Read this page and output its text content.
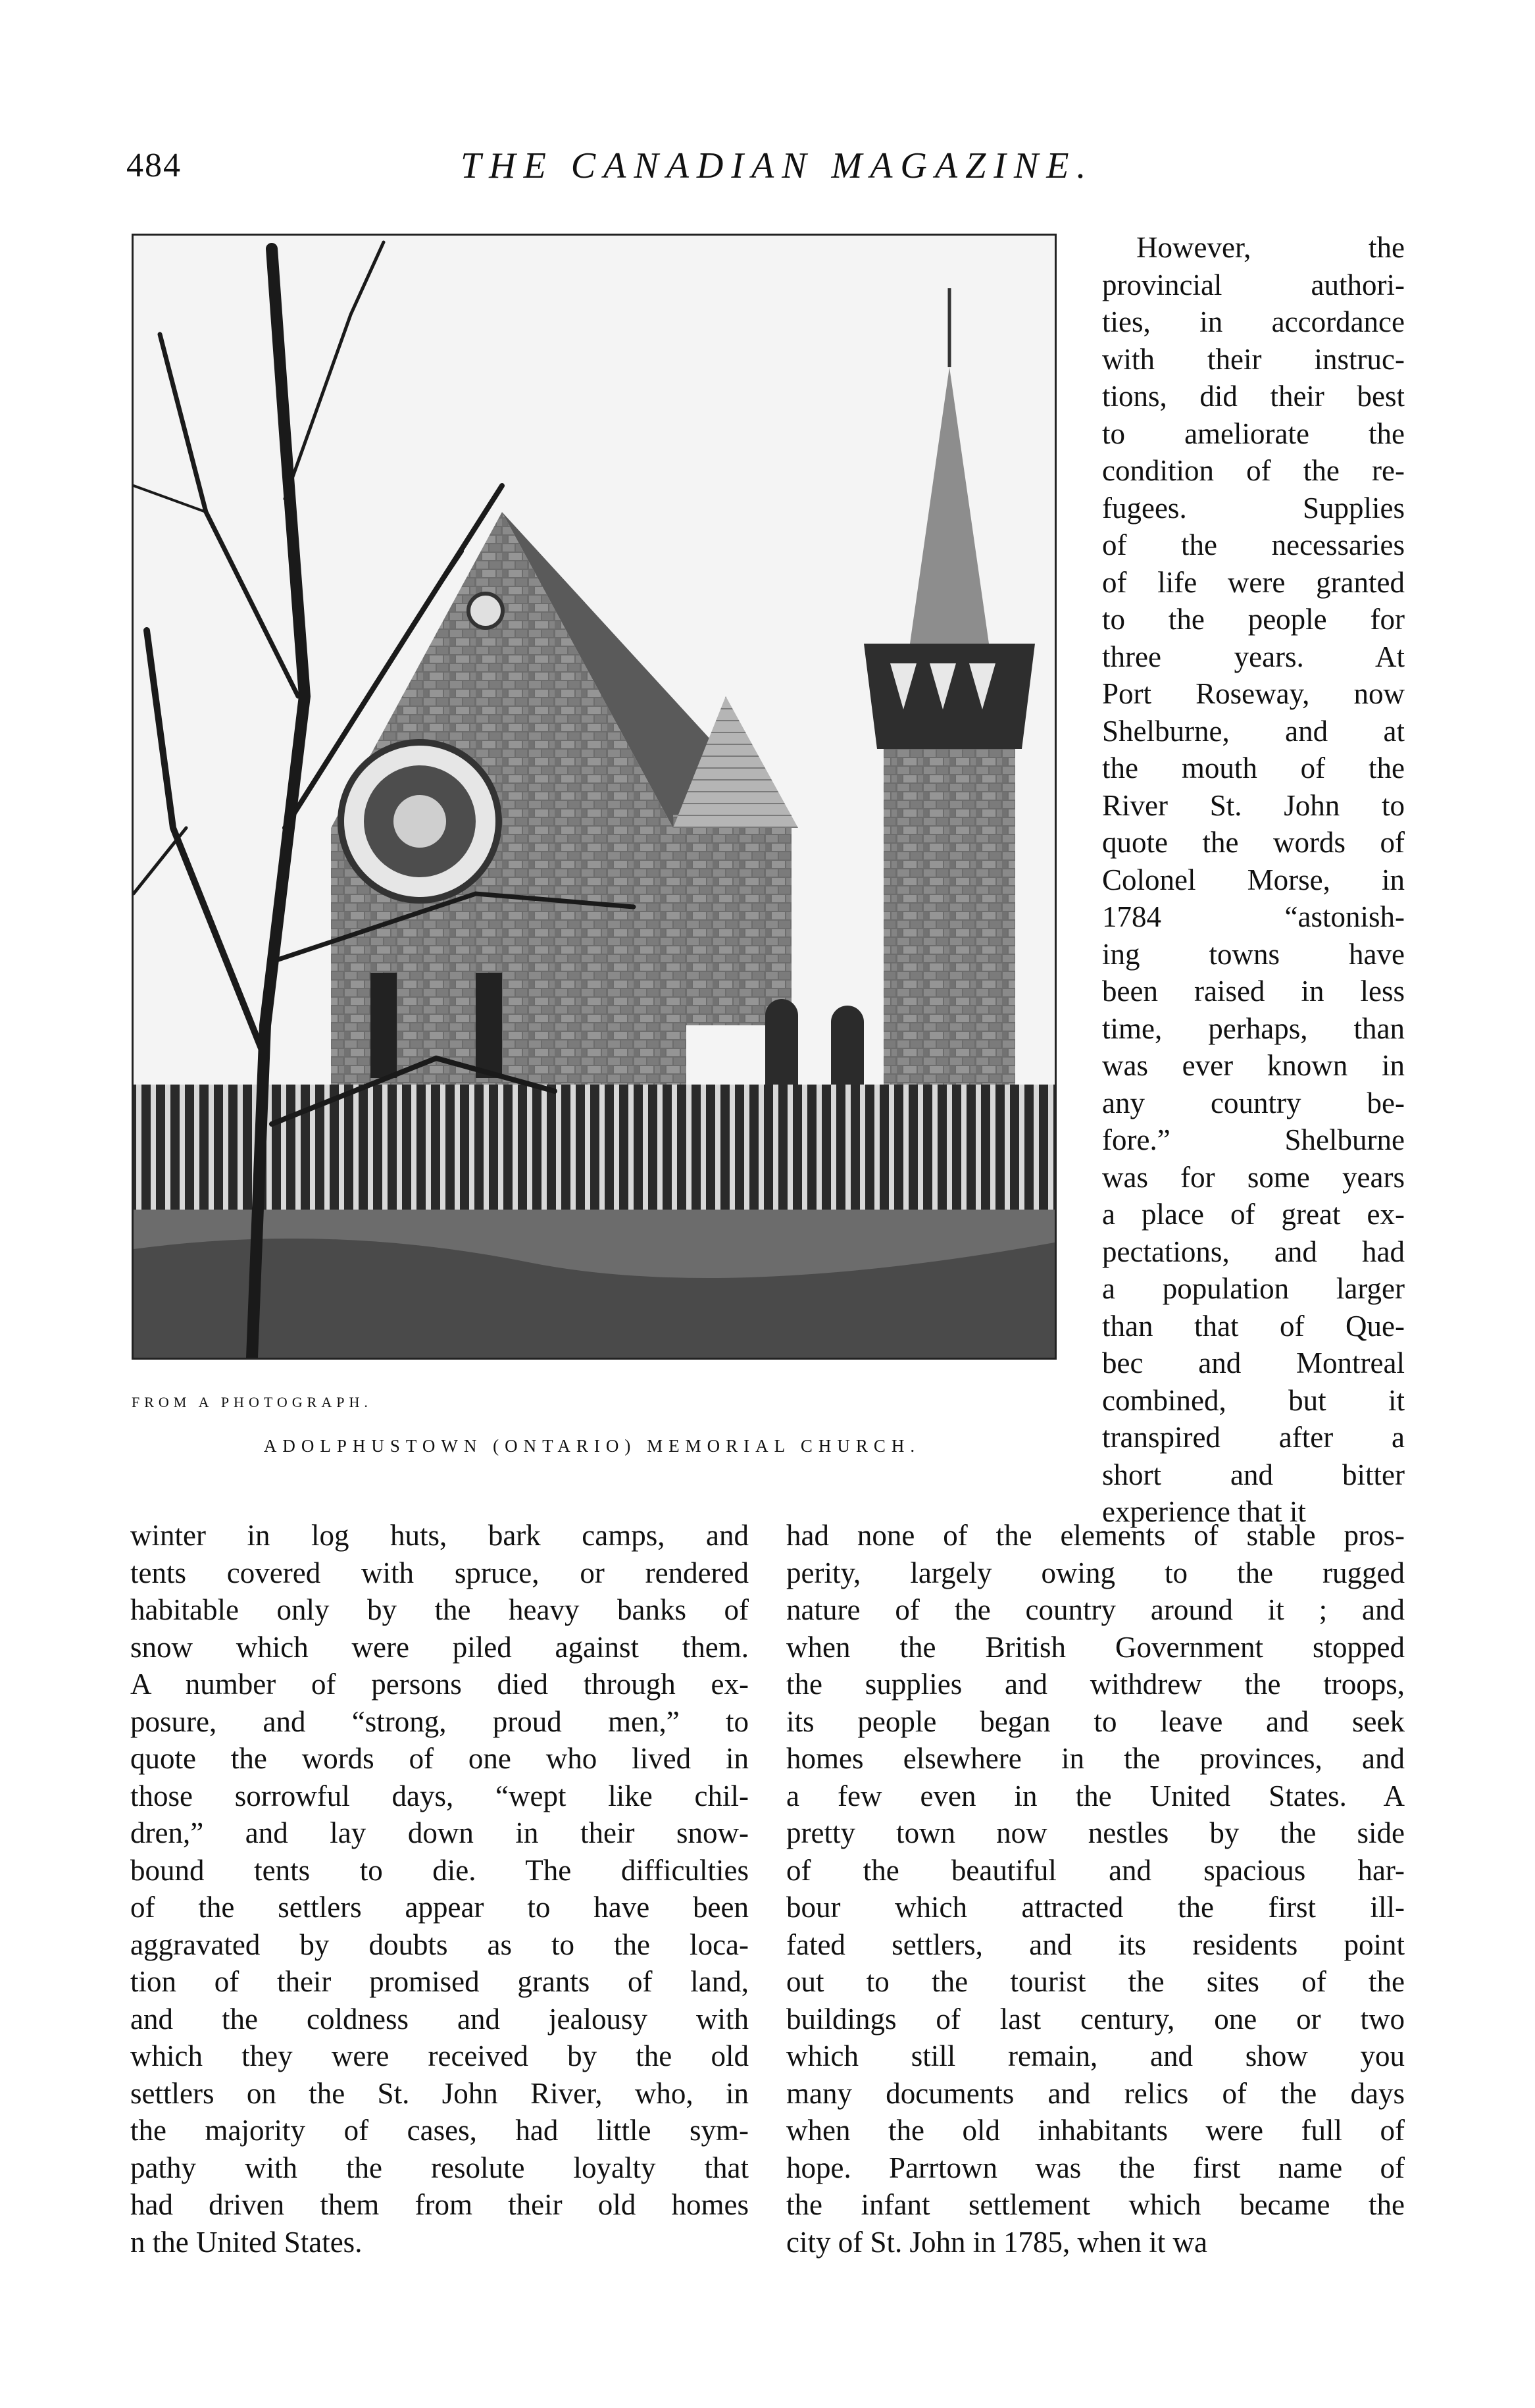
484	THE CANADIAN MAGAZINE.
FROM A PHOTOGRAPH.
ADOLPHUSTOWN (ONTARIO) MEMORIAL CHURCH.
However, the
provincial authori-
ties, in accordance
with their instruc-
tions, did their best
to ameliorate the
condition of the re-
fugees. Supplies
of the necessaries
of life were granted
to the people for
three years. At
Port Roseway, now
Shelburne, and at
the mouth of the
River St. John to
quote the words of
Colonel Morse, in
1784 “astonish-
ing towns have
been raised in less
time, perhaps, than
was ever known in
any country be-
fore.” Shelburne
was for some years
a place of great ex-
pectations, and had
a population larger
than that of Que-
bec and Montreal
combined, but it
transpired after a
short and bitter
experience that it
winter in log huts, bark camps, and
tents covered with spruce, or rendered
habitable only by the heavy banks of
snow which were piled against them.
A number of persons died through ex-
posure, and “strong, proud men,” to
quote the words of one who lived in
those sorrowful days, “wept like chil-
dren,” and lay down in their snow-
bound tents to die. The difficulties
of the settlers appear to have been
aggravated by doubts as to the loca-
tion of their promised grants of land,
and the coldness and jealousy with
which they were received by the old
settlers on the St. John River, who, in
the majority of cases, had little sym-
pathy with the resolute loyalty that
had driven them from their old homes
n the United States.
had none of the elements of stable pros-
perity, largely owing to the rugged
nature of the country around it ; and
when the British Government stopped
the supplies and withdrew the troops,
its people began to leave and seek
homes elsewhere in the provinces, and
a few even in the United States. A
pretty town now nestles by the side
of the beautiful and spacious har-
bour which attracted the first ill-
fated settlers, and its residents point
out to the tourist the sites of the
buildings of last century, one or two
which still remain, and show you
many documents and relics of the days
when the old inhabitants were full of
hope. Parrtown was the first name of
the infant settlement which became the
city of St. John in 1785, when it wa
